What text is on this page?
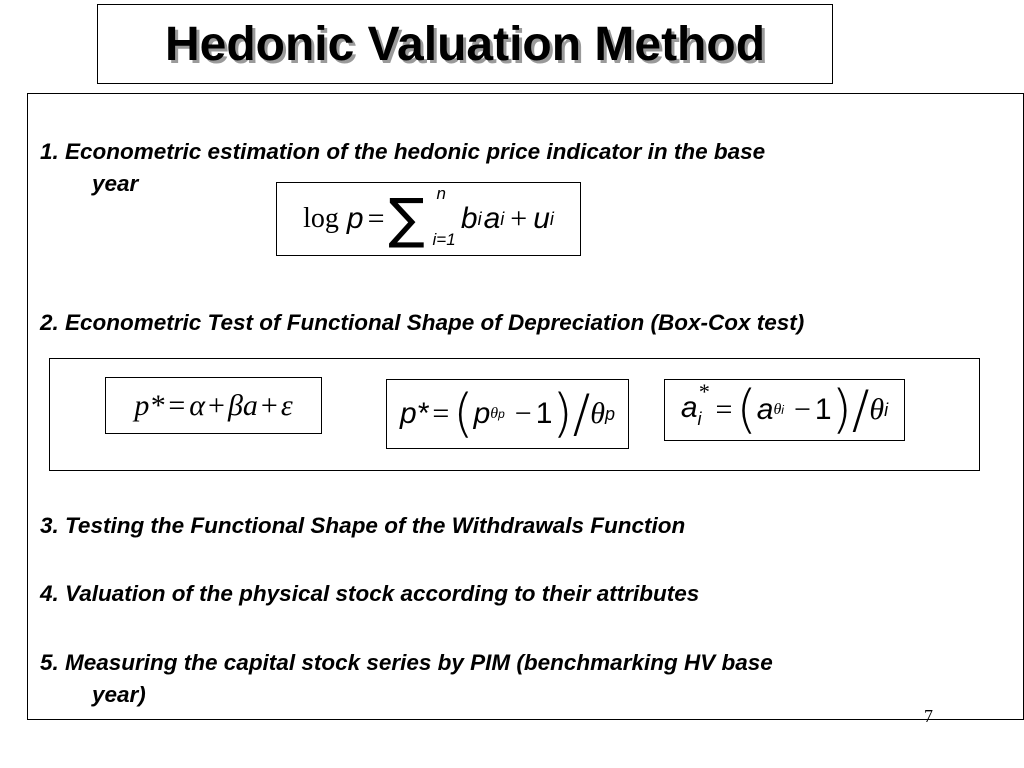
Hedonic Valuation Method
1. Econometric estimation of the hedonic price indicator in the base
year
log p = ∑ n
i=1
b i a i + u i
2. Econometric Test of Functional Shape of Depreciation (Box-Cox test)
p* = α + β a + ε	p* = ( p θ p − 1 ) / θ p $a_i$
*
= ( a θ i − 1 ) / θ i
3. Testing the Functional Shape of the Withdrawals Function
4. Valuation of the physical stock according to their attributes
5. Measuring the capital stock series by PIM (benchmarking HV base
year)
7
